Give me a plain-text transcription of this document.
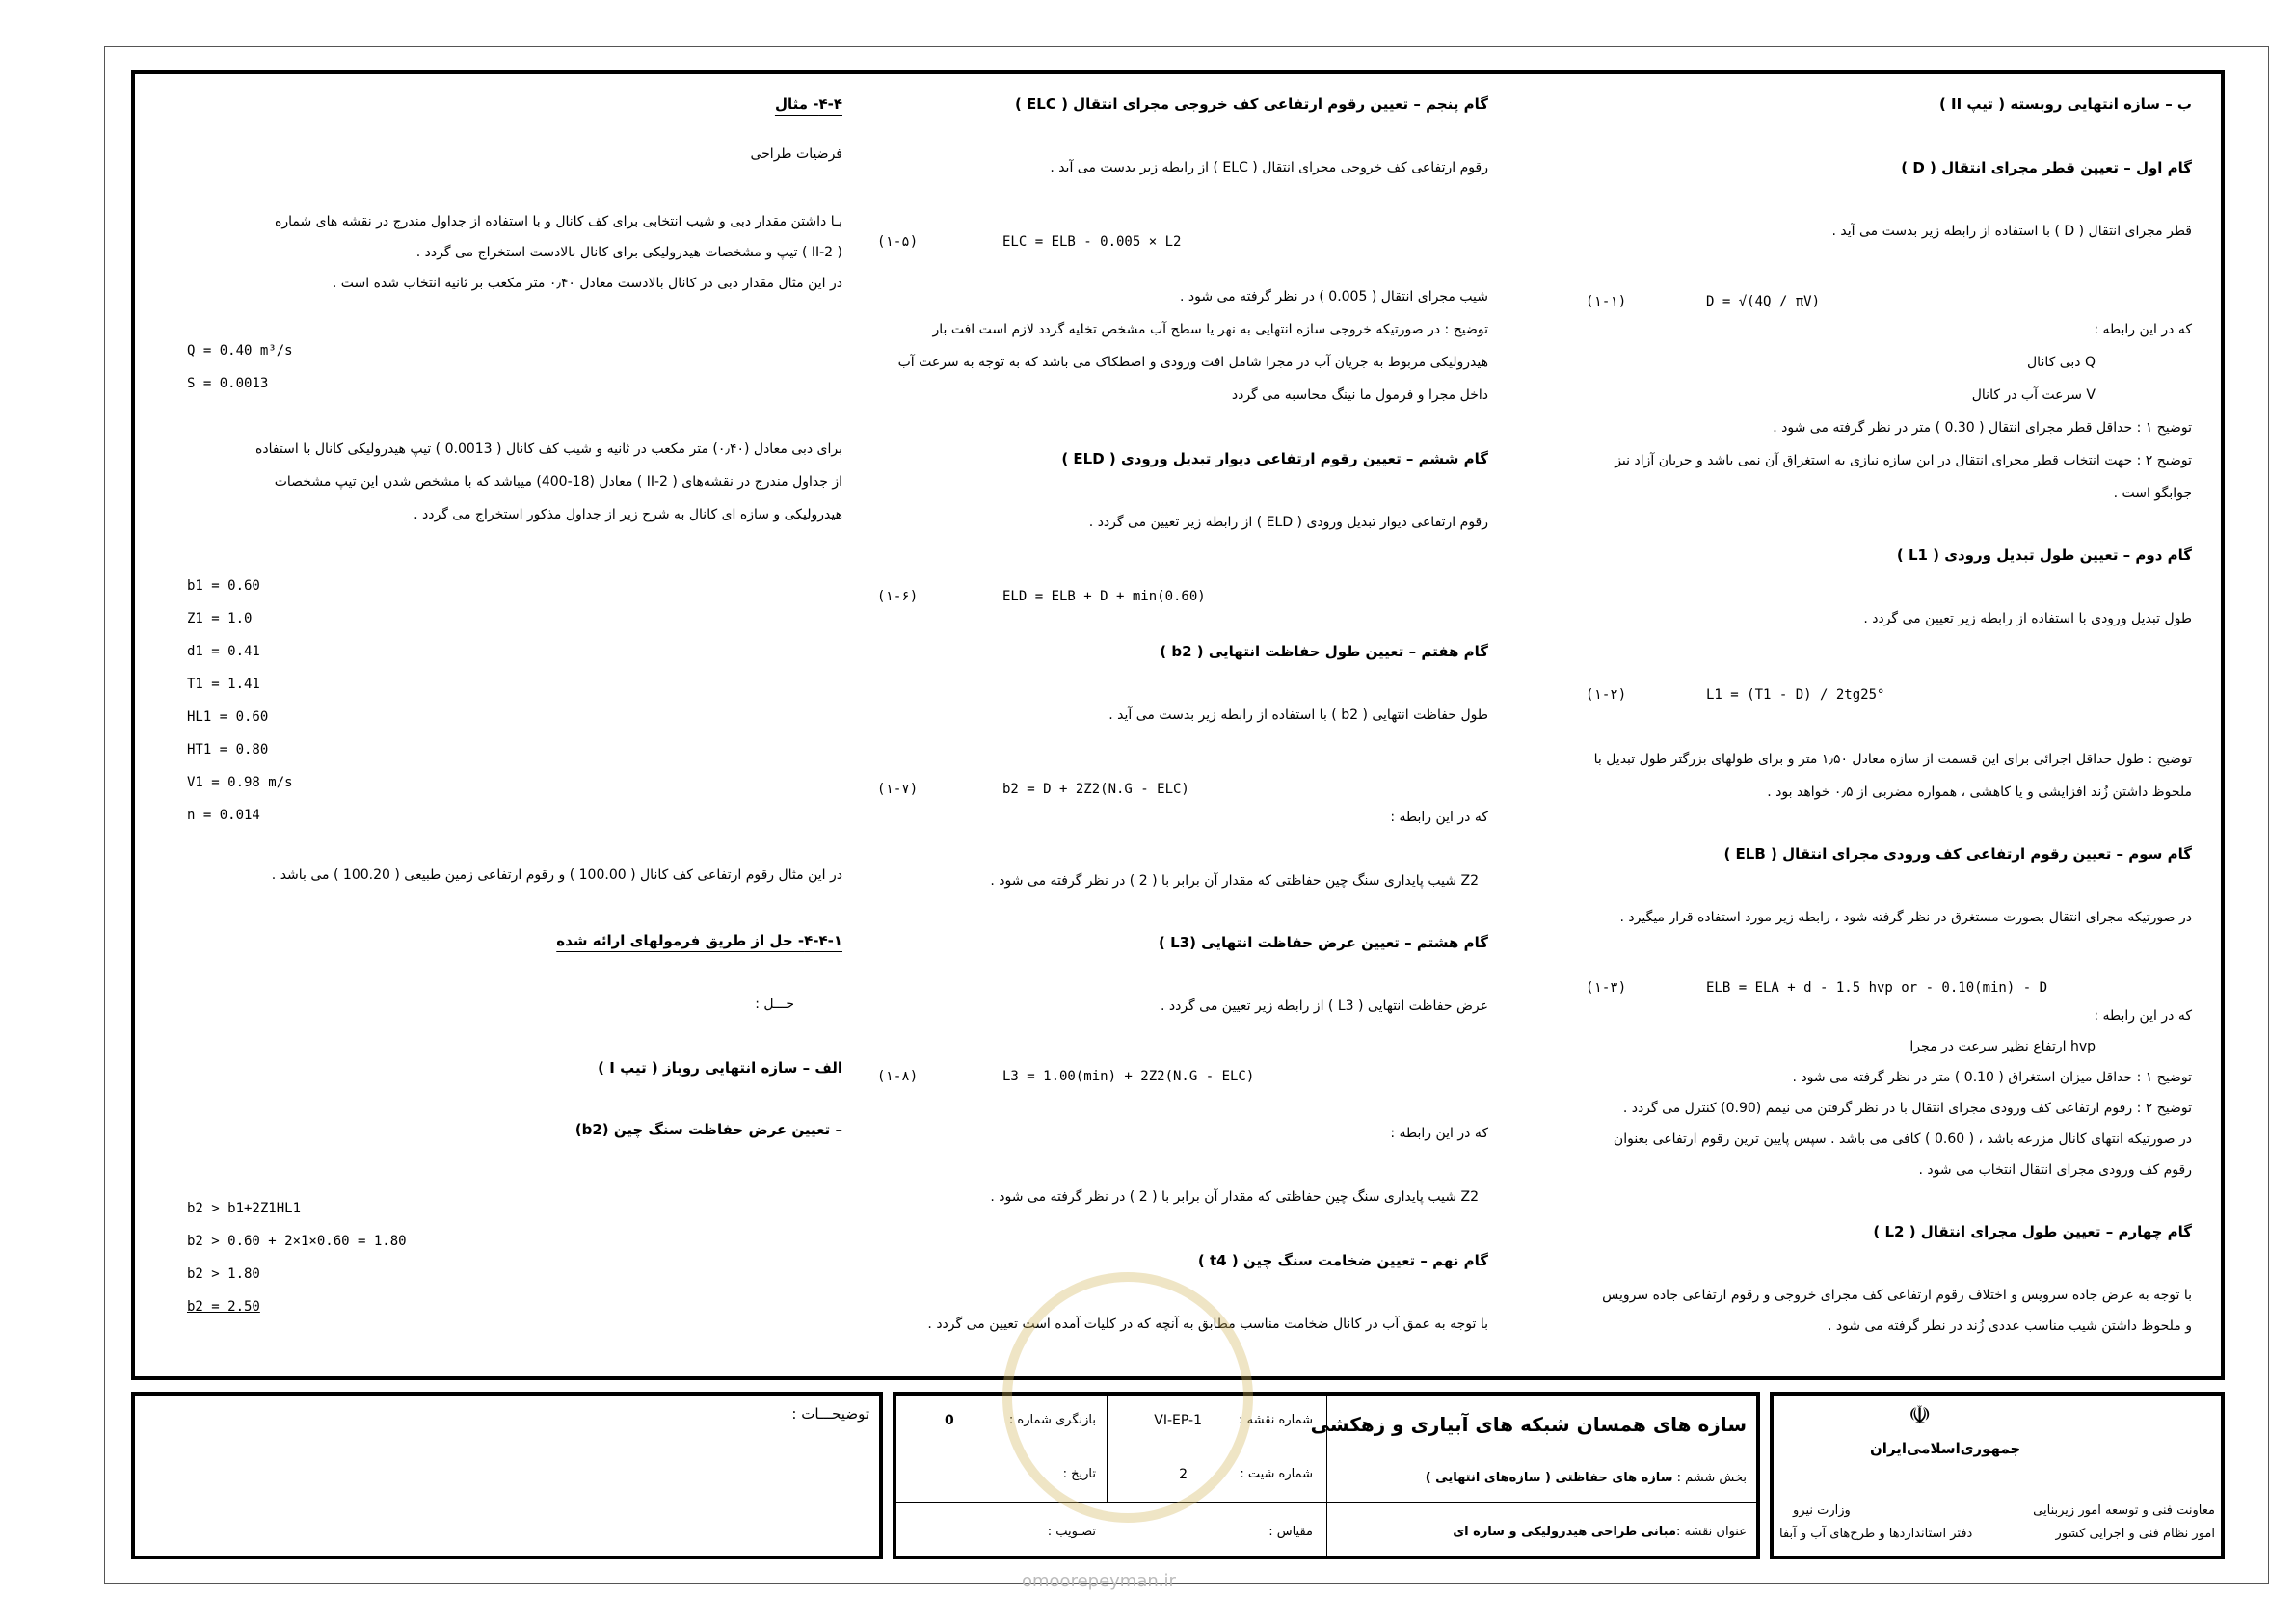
ب – سازه انتهایی روبسته ( تیپ II )

گام اول – تعیین قطر مجرای انتقال ( D )

قطر مجرای انتقال ( D ) با استفاده از رابطه زیر بدست می آید .

که در این رابطه :

Q دبی کانال

V سرعت آب در کانال

توضیح ۱ : حداقل قطر مجرای انتقال ( 0.30 ) متر در نظر گرفته می شود .

توضیح ۲ : جهت انتخاب قطر مجرای انتقال در این سازه نیازی به استغراق آن نمی باشد و جریان آزاد نیز

جوابگو است .

گام دوم – تعیین طول تبدیل ورودی ( L1 )

طول تبدیل ورودی با استفاده از رابطه زیر تعیین می گردد .

توضیح : طول حداقل اجرائی برای این قسمت از سازه معادل ۱٫۵۰ متر و برای طولهای بزرگتر طول تبدیل با

ملحوظ داشتن زُند افزایشی و یا کاهشی ، همواره مضربی از ۰٫۵ خواهد بود .

گام سوم – تعیین رقوم ارتفاعی کف ورودی مجرای انتقال ( ELB )

در صورتیکه مجرای انتقال بصورت مستغرق در نظر گرفته شود ، رابطه زیر مورد استفاده قرار میگیرد .

که در این رابطه :

hvp ارتفاع نظیر سرعت در مجرا

توضیح ۱ : حداقل میزان استغراق ( 0.10 ) متر در نظر گرفته می شود .

توضیح ۲ : رقوم ارتفاعی کف ورودی مجرای انتقال با در نظر گرفتن می نیمم (0.90) کنترل می گردد .

در صورتیکه انتهای کانال مزرعه باشد ، ( 0.60 ) کافی می باشد . سپس پایین ترین رقوم ارتفاعی بعنوان

رقوم کف ورودی مجرای انتقال انتخاب می شود .

گام چهارم – تعیین طول مجرای انتقال ( L2 )

با توجه به عرض جاده سرویس و اختلاف رقوم ارتفاعی کف مجرای خروجی و رقوم ارتفاعی جاده سرویس

و ملحوظ داشتن شیب مناسب عددی زُند در نظر گرفته می شود .

D = √(4Q / πV)
(۱-۱)
L1 = (T1 - D) / 2tg25°
(۱-۲)
ELB = ELA + d - 1.5 hvp or - 0.10(min) - D
(۱-۳)

گام پنجم – تعیین رقوم ارتفاعی کف خروجی مجرای انتقال ( ELC )

رقوم ارتفاعی کف خروجی مجرای انتقال ( ELC ) از رابطه زیر بدست می آید .

شیب مجرای انتقال ( 0.005 ) در نظر گرفته می شود .

توضیح : در صورتیکه خروجی سازه انتهایی به نهر یا سطح آب مشخص تخلیه گردد لازم است افت بار

هیدرولیکی مربوط به جریان آب در مجرا شامل افت ورودی و اصطکاک می باشد که به توجه به سرعت آب

داخل مجرا و فرمول ما نینگ محاسبه می گردد

گام ششم – تعیین رقوم ارتفاعی دیوار تبدیل ورودی ( ELD )

رقوم ارتفاعی دیوار تبدیل ورودی ( ELD ) از رابطه زیر تعیین می گردد .

گام هفتم – تعیین طول حفاظت انتهایی ( b2 )

طول حفاظت انتهایی ( b2 ) با استفاده از رابطه زیر بدست می آید .

که در این رابطه :

Z2 شیب پایداری سنگ چین حفاظتی که مقدار آن برابر با ( 2 ) در نظر گرفته می شود .

گام هشتم – تعیین عرض حفاظت انتهایی (L3 )

عرض حفاظت انتهایی ( L3 ) از رابطه زیر تعیین می گردد .

که در این رابطه :

Z2 شیب پایداری سنگ چین حفاظتی که مقدار آن برابر با ( 2 ) در نظر گرفته می شود .

گام نهم – تعیین ضخامت سنگ چین ( t4 )

با توجه به عمق آب در کانال ضخامت مناسب مطابق به آنچه که در کلیات آمده است تعیین می گردد .

ELC = ELB - 0.005 × L2
(۱-۵)
ELD = ELB + D + min(0.60)
(۱-۶)
b2 = D + 2Z2(N.G - ELC)
(۱-۷)
L3 = 1.00(min) + 2Z2(N.G - ELC)
(۱-۸)

۴-۴- مثال

فرضیات طراحی

بـا داشتن مقدار دبی و شیب انتخابی برای کف کانال و با استفاده از جداول مندرج در نقشه های شماره

( II-2 ) تیپ و مشخصات هیدرولیکی برای کانال بالادست استخراج می گردد .

در این مثال مقدار دبی در کانال بالادست معادل ۰٫۴۰ متر مکعب بر ثانیه انتخاب شده است .

برای دبی معادل (۰٫۴۰) متر مکعب در ثانیه و شیب کف کانال ( 0.0013 ) تیپ هیدرولیکی کانال با استفاده

از جداول مندرج در نقشه‌های ( II-2 ) معادل (18-400) میباشد که با مشخص شدن این تیپ مشخصات

هیدرولیکی و سازه ای کانال به شرح زیر از جداول مذکور استخراج می گردد .

در این مثال رقوم ارتفاعی کف کانال ( 100.00 ) و رقوم ارتفاعی زمین طبیعی ( 100.20 ) می باشد .

۴-۴-۱- حل از طریق فرمولهای ارائه شده

حـــل :

الف – سازه انتهایی روباز ( تیپ I )

– تعیین عرض حفاظت سنگ چین (b2)

Q = 0.40 m³/s
S = 0.0013
b1 = 0.60
Z1 = 1.0
d1 = 0.41
T1 = 1.41
HL1 = 0.60
HT1 = 0.80
V1 = 0.98 m/s
n = 0.014
b2 > b1+2Z1HL1
b2 > 0.60 + 2×1×0.60 = 1.80
b2 > 1.80
b2 = 2.50
☫
جمهوری‌اسلامی‌ایران
معاونت فنی و توسعه امور زیربنایی
امور نظام فنی و اجرایی کشور
وزارت نیرو
دفتر استانداردها و طرح‌های آب و آبفا
سازه های همسان شبکه های آبیاری و زهکشی
بخش ششم : سازه های حفاظتی ( سازه‌های انتهایی )
عنوان نقشه :مبانی طراحی هیدرولیکی و سازه ای
شماره نقشه :
VI-EP-1
بازنگری شماره :
0
شماره شیت :
2
تاریخ :
مقیاس :
تصـویب :
توضیحـــات :
omoorepeyman.ir
